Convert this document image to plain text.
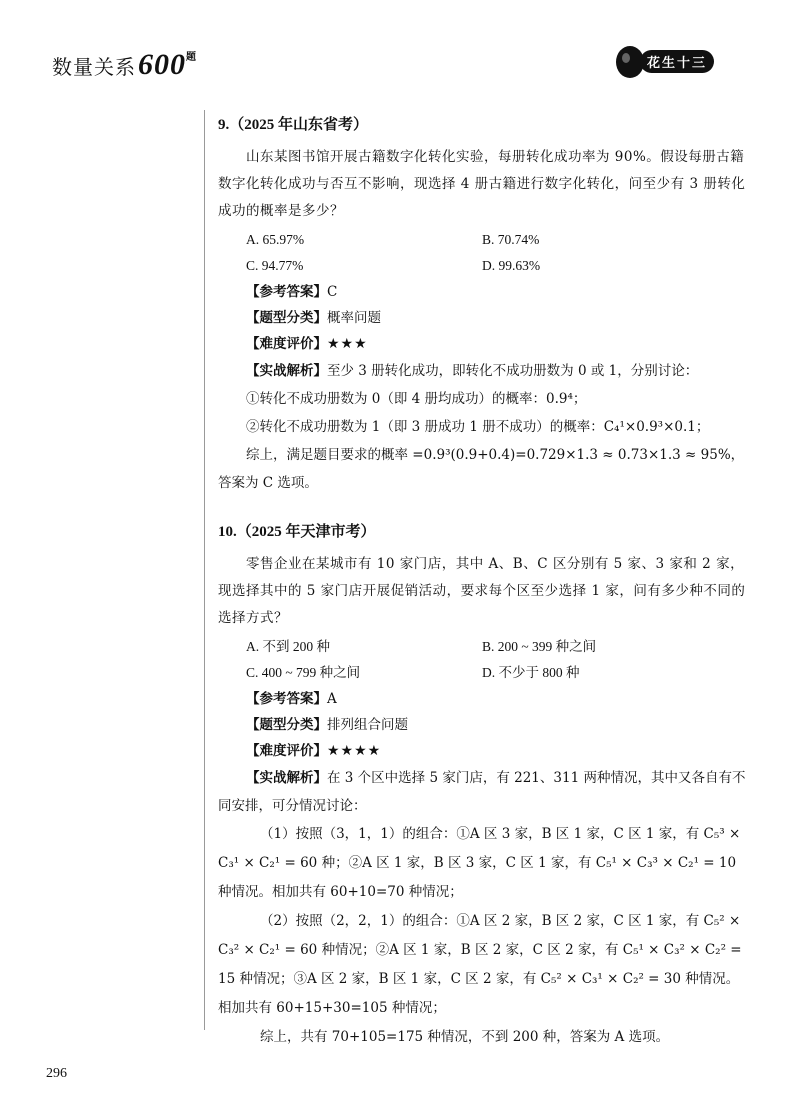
数量关系$600^题$	花生十三

9.（2025 年山东省考）

山东某图书馆开展古籍数字化转化实验，每册转化成功率为 90%。假设每册古籍数字化转化成功与否互不影响，现选择 4 册古籍进行数字化转化，问至少有 3 册转化成功的概率是多少？

A. 65.97%	B. 70.74%
C. 94.77%	D. 99.63%
【参考答案】C
【题型分类】概率问题
【难度评价】★★★

【实战解析】至少 3 册转化成功，即转化不成功册数为 0 或 1，分别讨论：

①转化不成功册数为 0（即 4 册均成功）的概率：0.9⁴；

②转化不成功册数为 1（即 3 册成功 1 册不成功）的概率：C₄¹×0.9³×0.1；

综上，满足题目要求的概率 =0.9³(0.9+0.4)=0.729×1.3 ≈ 0.73×1.3 ≈ 95%，答案为 C 选项。

10.（2025 年天津市考）

零售企业在某城市有 10 家门店，其中 A、B、C 区分别有 5 家、3 家和 2 家，现选择其中的 5 家门店开展促销活动，要求每个区至少选择 1 家，问有多少种不同的选择方式？

A. 不到 200 种	B. 200 ~ 399 种之间
C. 400 ~ 799 种之间	D. 不少于 800 种
【参考答案】A
【题型分类】排列组合问题
【难度评价】★★★★

【实战解析】在 3 个区中选择 5 家门店，有 221、311 两种情况，其中又各自有不同安排，可分情况讨论：

（1）按照（3，1，1）的组合：①A 区 3 家，B 区 1 家，C 区 1 家，有 C₅³ × C₃¹ × C₂¹ = 60 种；②A 区 1 家，B 区 3 家，C 区 1 家，有 C₅¹ × C₃³ × C₂¹ = 10 种情况。相加共有 60+10=70 种情况；

（2）按照（2，2，1）的组合：①A 区 2 家，B 区 2 家，C 区 1 家，有 C₅² × C₃² × C₂¹ = 60 种情况；②A 区 1 家，B 区 2 家，C 区 2 家，有 C₅¹ × C₃² × C₂² = 15 种情况；③A 区 2 家，B 区 1 家，C 区 2 家，有 C₅² × C₃¹ × C₂² = 30 种情况。相加共有 60+15+30=105 种情况；

综上，共有 70+105=175 种情况，不到 200 种，答案为 A 选项。

296
